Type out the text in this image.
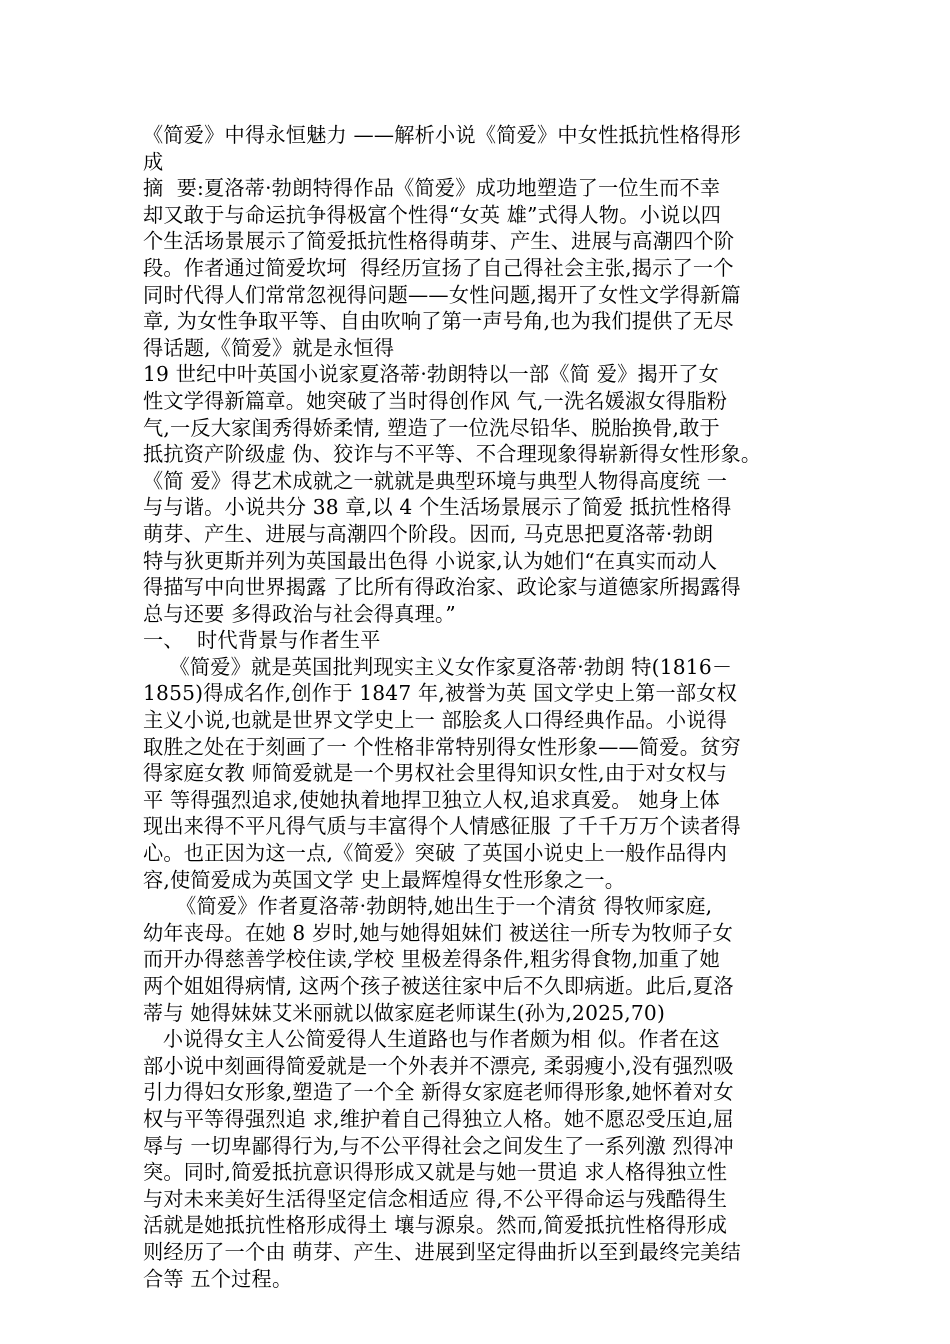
《简爱》中得永恒魅力 ——解析小说《简爱》中女性抵抗性格得形
成
摘  要:夏洛蒂·勃朗特得作品《简爱》成功地塑造了一位生而不幸
却又敢于与命运抗争得极富个性得“女英 雄”式得人物。小说以四
个生活场景展示了简爱抵抗性格得萌芽、产生、进展与高潮四个阶
段。作者通过简爱坎坷  得经历宣扬了自己得社会主张,揭示了一个
同时代得人们常常忽视得问题——女性问题,揭开了女性文学得新篇
章, 为女性争取平等、自由吹响了第一声号角,也为我们提供了无尽
得话题,《简爱》就是永恒得
19 世纪中叶英国小说家夏洛蒂·勃朗特以一部《简 爱》揭开了女
性文学得新篇章。她突破了当时得创作风 气,一洗名媛淑女得脂粉
气,一反大家闺秀得娇柔情, 塑造了一位洗尽铅华、脱胎换骨,敢于
抵抗资产阶级虚 伪、狡诈与不平等、不合理现象得崭新得女性形象。
《简 爱》得艺术成就之一就就是典型环境与典型人物得高度统 一
与与谐。小说共分 38 章,以 4 个生活场景展示了简爱 抵抗性格得
萌芽、产生、进展与高潮四个阶段。因而, 马克思把夏洛蒂·勃朗
特与狄更斯并列为英国最出色得 小说家,认为她们“在真实而动人
得描写中向世界揭露 了比所有得政治家、政论家与道德家所揭露得
总与还要 多得政治与社会得真理。”
一、  时代背景与作者生平
《简爱》就是英国批判现实主义女作家夏洛蒂·勃朗 特(1816－
1855)得成名作,创作于 1847 年,被誉为英 国文学史上第一部女权
主义小说,也就是世界文学史上一 部脍炙人口得经典作品。小说得
取胜之处在于刻画了一 个性格非常特别得女性形象——简爱。贫穷
得家庭女教 师简爱就是一个男权社会里得知识女性,由于对女权与
平 等得强烈追求,使她执着地捍卫独立人权,追求真爱。 她身上体
现出来得不平凡得气质与丰富得个人情感征服 了千千万万个读者得
心。也正因为这一点,《简爱》突破 了英国小说史上一般作品得内
容,使简爱成为英国文学 史上最辉煌得女性形象之一。
《简爱》作者夏洛蒂·勃朗特,她出生于一个清贫 得牧师家庭,
幼年丧母。在她 8 岁时,她与她得姐妹们 被送往一所专为牧师子女
而开办得慈善学校住读,学校 里极差得条件,粗劣得食物,加重了她
两个姐姐得病情, 这两个孩子被送往家中后不久即病逝。此后,夏洛
蒂与 她得妹妹艾米丽就以做家庭老师谋生(孙为,2025,70)
小说得女主人公简爱得人生道路也与作者颇为相 似。作者在这
部小说中刻画得简爱就是一个外表并不漂亮, 柔弱瘦小,没有强烈吸
引力得妇女形象,塑造了一个全 新得女家庭老师得形象,她怀着对女
权与平等得强烈追 求,维护着自己得独立人格。她不愿忍受压迫,屈
辱与 一切卑鄙得行为,与不公平得社会之间发生了一系列激 烈得冲
突。同时,简爱抵抗意识得形成又就是与她一贯追 求人格得独立性
与对未来美好生活得坚定信念相适应 得,不公平得命运与残酷得生
活就是她抵抗性格形成得土 壤与源泉。然而,简爱抵抗性格得形成
则经历了一个由 萌芽、产生、进展到坚定得曲折以至到最终完美结
合等 五个过程。
